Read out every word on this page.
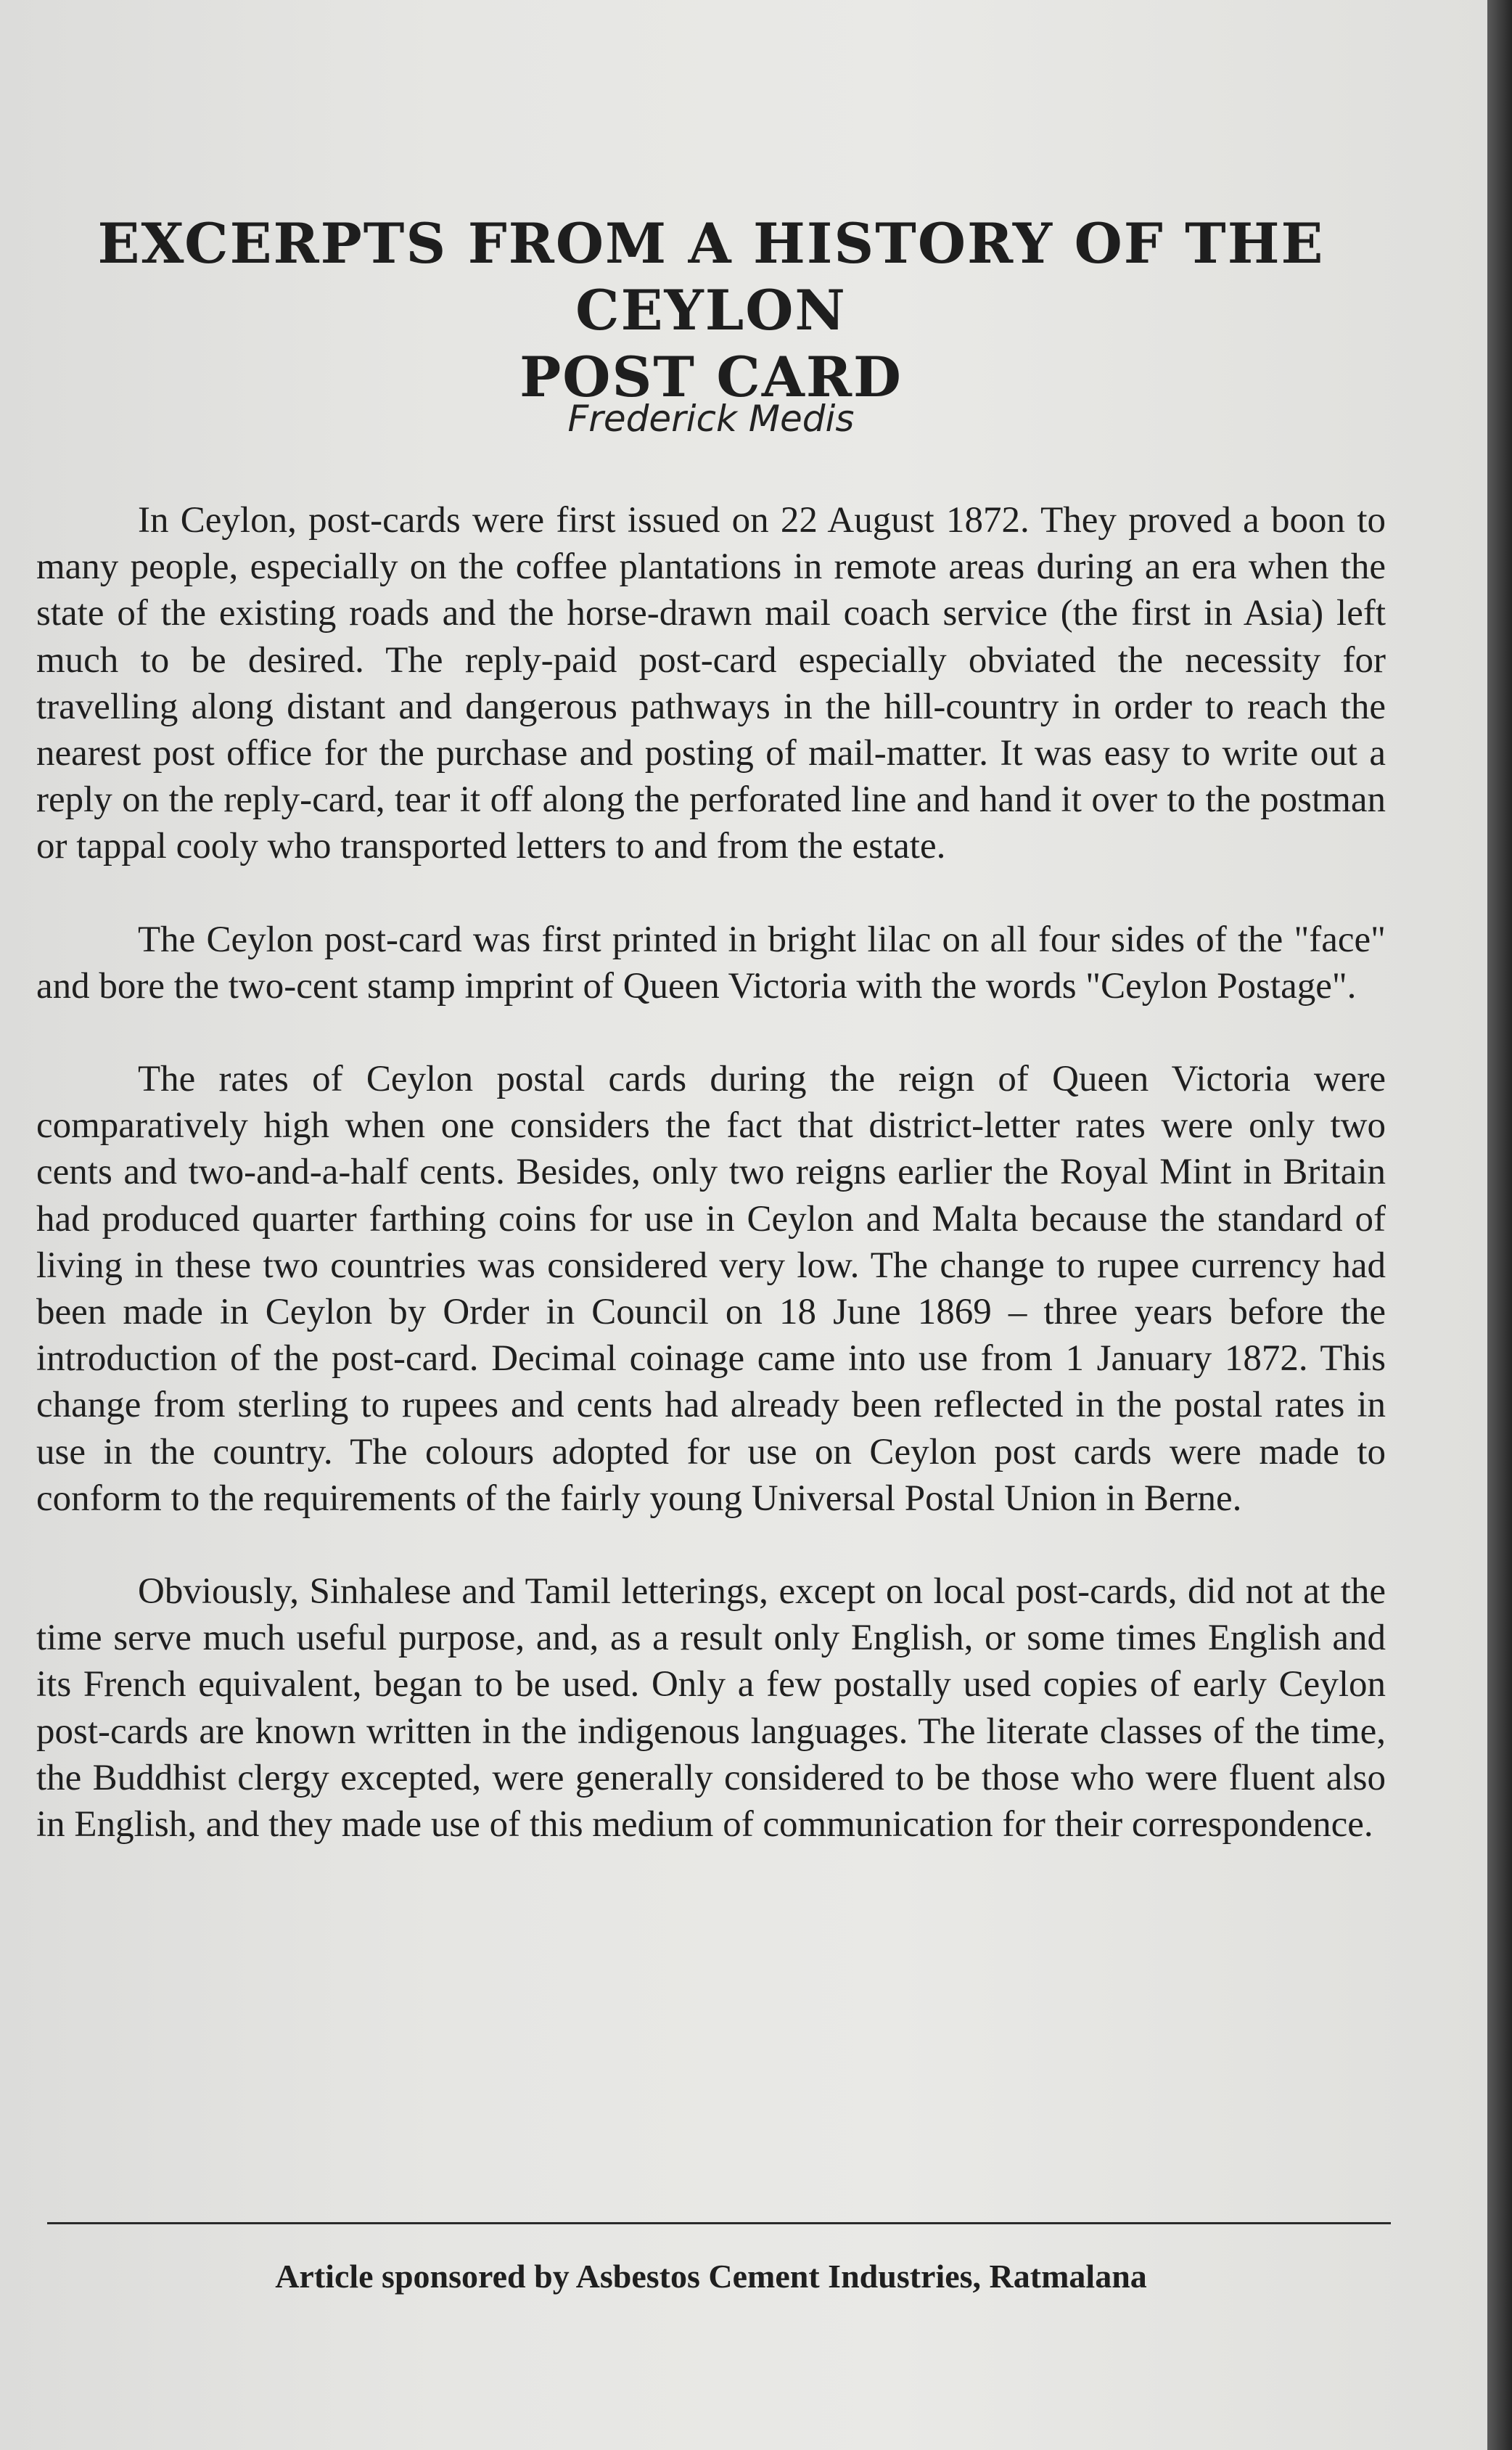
EXCERPTS FROM A HISTORY OF THE CEYLON
POST CARD

Frederick Medis

In Ceylon, post-cards were first issued on 22 August 1872. They proved a boon to many people, especially on the coffee plantations in remote areas during an era when the state of the existing roads and the horse-drawn mail coach service (the first in Asia) left much to be desired. The reply-paid post-card especially obviated the necessity for travelling along distant and dangerous pathways in the hill-country in order to reach the nearest post office for the purchase and posting of mail-matter. It was easy to write out a reply on the reply-card, tear it off along the perforated line and hand it over to the postman or tappal cooly who transported letters to and from the estate.

The Ceylon post-card was first printed in bright lilac on all four sides of the "face" and bore the two-cent stamp imprint of Queen Victoria with the words "Ceylon Postage".

The rates of Ceylon postal cards during the reign of Queen Victoria were comparatively high when one considers the fact that district-letter rates were only two cents and two-and-a-half cents. Besides, only two reigns earlier the Royal Mint in Britain had produced quarter farthing coins for use in Ceylon and Malta because the standard of living in these two countries was considered very low. The change to rupee currency had been made in Ceylon by Order in Council on 18 June 1869 – three years before the introduction of the post-card. Decimal coinage came into use from 1 January 1872. This change from sterling to rupees and cents had already been reflected in the postal rates in use in the country. The colours adopted for use on Ceylon post cards were made to conform to the requirements of the fairly young Universal Postal Union in Berne.

Obviously, Sinhalese and Tamil letterings, except on local post-cards, did not at the time serve much useful purpose, and, as a result only English, or some times English and its French equivalent, began to be used. Only a few postally used copies of early Ceylon post-cards are known written in the indigenous languages. The literate classes of the time, the Buddhist clergy excepted, were generally considered to be those who were fluent also in English, and they made use of this medium of communication for their correspondence.

Article sponsored by Asbestos Cement Industries, Ratmalana
